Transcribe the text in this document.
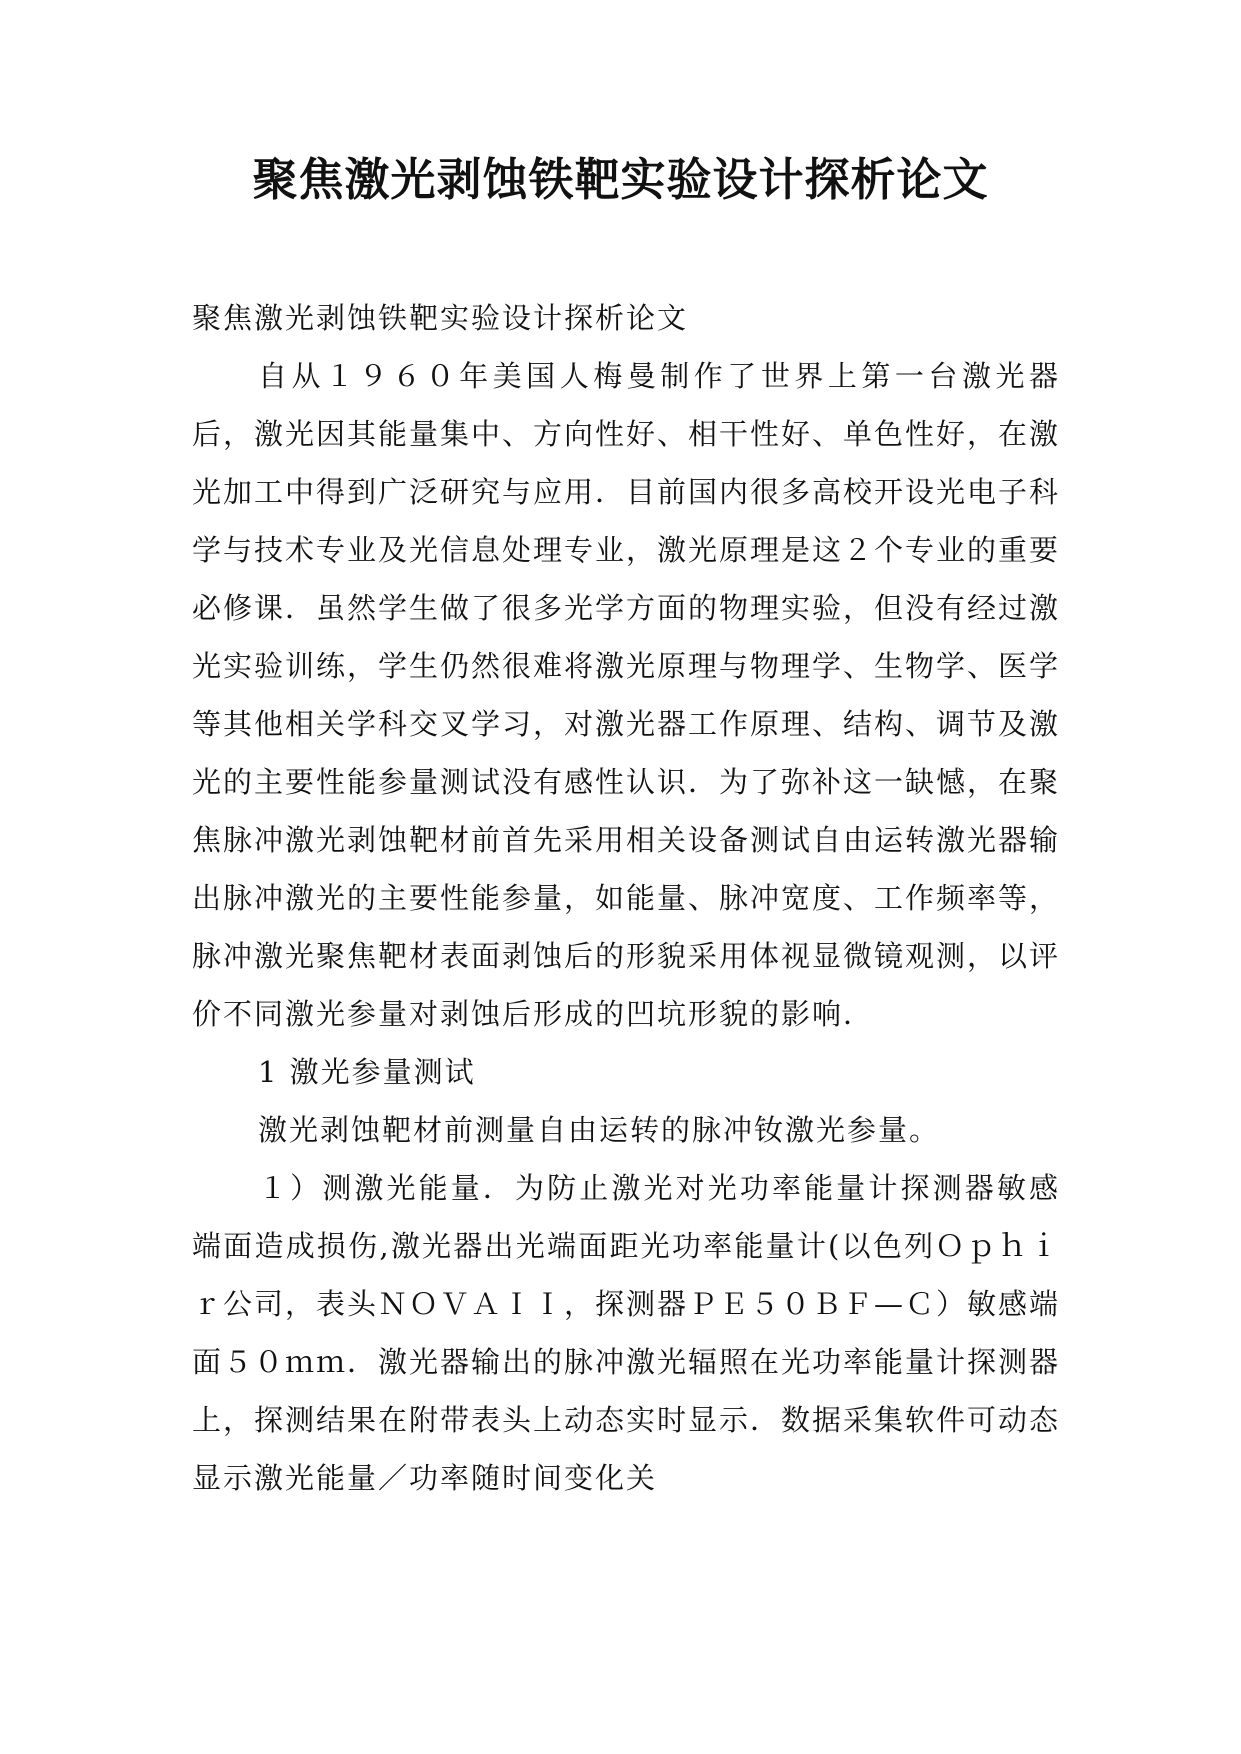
聚焦激光剥蚀铁靶实验设计探析论文

聚焦激光剥蚀铁靶实验设计探析论文

自从１９６０年美国人梅曼制作了世界上第一台激光器后，激光因其能量集中、方向性好、相干性好、单色性好，在激光加工中得到广泛研究与应用．目前国内很多高校开设光电子科学与技术专业及光信息处理专业，激光原理是这２个专业的重要必修课．虽然学生做了很多光学方面的物理实验，但没有经过激光实验训练，学生仍然很难将激光原理与物理学、生物学、医学等其他相关学科交叉学习，对激光器工作原理、结构、调节及激光的主要性能参量测试没有感性认识．为了弥补这一缺憾，在聚焦脉冲激光剥蚀靶材前首先采用相关设备测试自由运转激光器输出脉冲激光的主要性能参量，如能量、脉冲宽度、工作频率等，脉冲激光聚焦靶材表面剥蚀后的形貌采用体视显微镜观测，以评价不同激光参量对剥蚀后形成的凹坑形貌的影响．

1 激光参量测试

激光剥蚀靶材前测量自由运转的脉冲钕激光参量。

１）测激光能量．为防止激光对光功率能量计探测器敏感端面造成损伤,激光器出光端面距光功率能量计(以色列Ｏｐｈｉｒ公司，表头ＮＯＶＡＩＩ，探测器ＰＥ５０ＢＦ—Ｃ）敏感端面５０ｍｍ．激光器输出的脉冲激光辐照在光功率能量计探测器上，探测结果在附带表头上动态实时显示．数据采集软件可动态显示激光能量／功率随时间变化关
